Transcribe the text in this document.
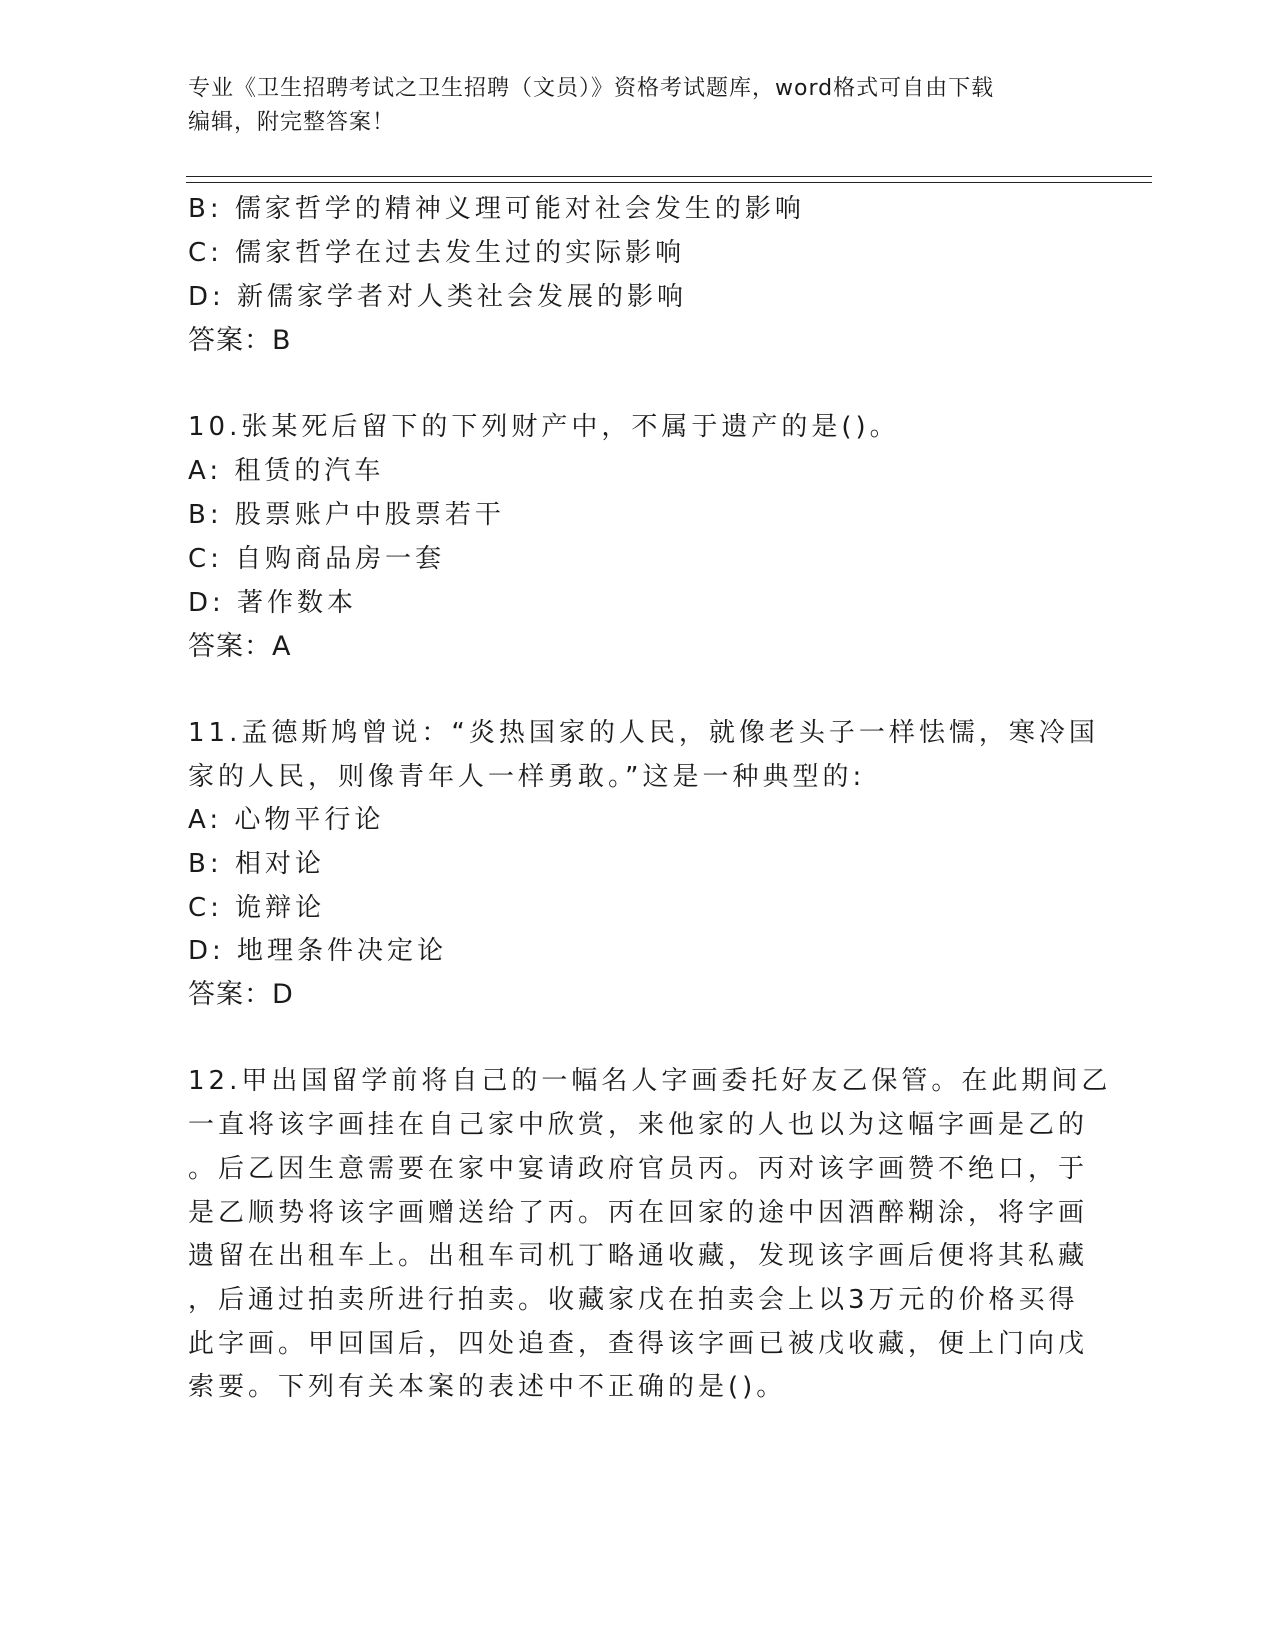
专业《卫生招聘考试之卫生招聘（文员）》资格考试题库，word格式可自由下载
编辑，附完整答案！
B: 儒家哲学的精神义理可能对社会发生的影响
C: 儒家哲学在过去发生过的实际影响
D: 新儒家学者对人类社会发展的影响
答案：B
10.张某死后留下的下列财产中，不属于遗产的是()。
A: 租赁的汽车
B: 股票账户中股票若干
C: 自购商品房一套
D: 著作数本
答案：A
11.孟德斯鸠曾说：“炎热国家的人民，就像老头子一样怯懦，寒冷国
家的人民，则像青年人一样勇敢。”这是一种典型的:
A: 心物平行论
B: 相对论
C: 诡辩论
D: 地理条件决定论
答案：D
12.甲出国留学前将自己的一幅名人字画委托好友乙保管。在此期间乙
一直将该字画挂在自己家中欣赏，来他家的人也以为这幅字画是乙的
。后乙因生意需要在家中宴请政府官员丙。丙对该字画赞不绝口，于
是乙顺势将该字画赠送给了丙。丙在回家的途中因酒醉糊涂，将字画
遗留在出租车上。出租车司机丁略通收藏，发现该字画后便将其私藏
，后通过拍卖所进行拍卖。收藏家戊在拍卖会上以3万元的价格买得
此字画。甲回国后，四处追查，查得该字画已被戊收藏，便上门向戊
索要。下列有关本案的表述中不正确的是()。
